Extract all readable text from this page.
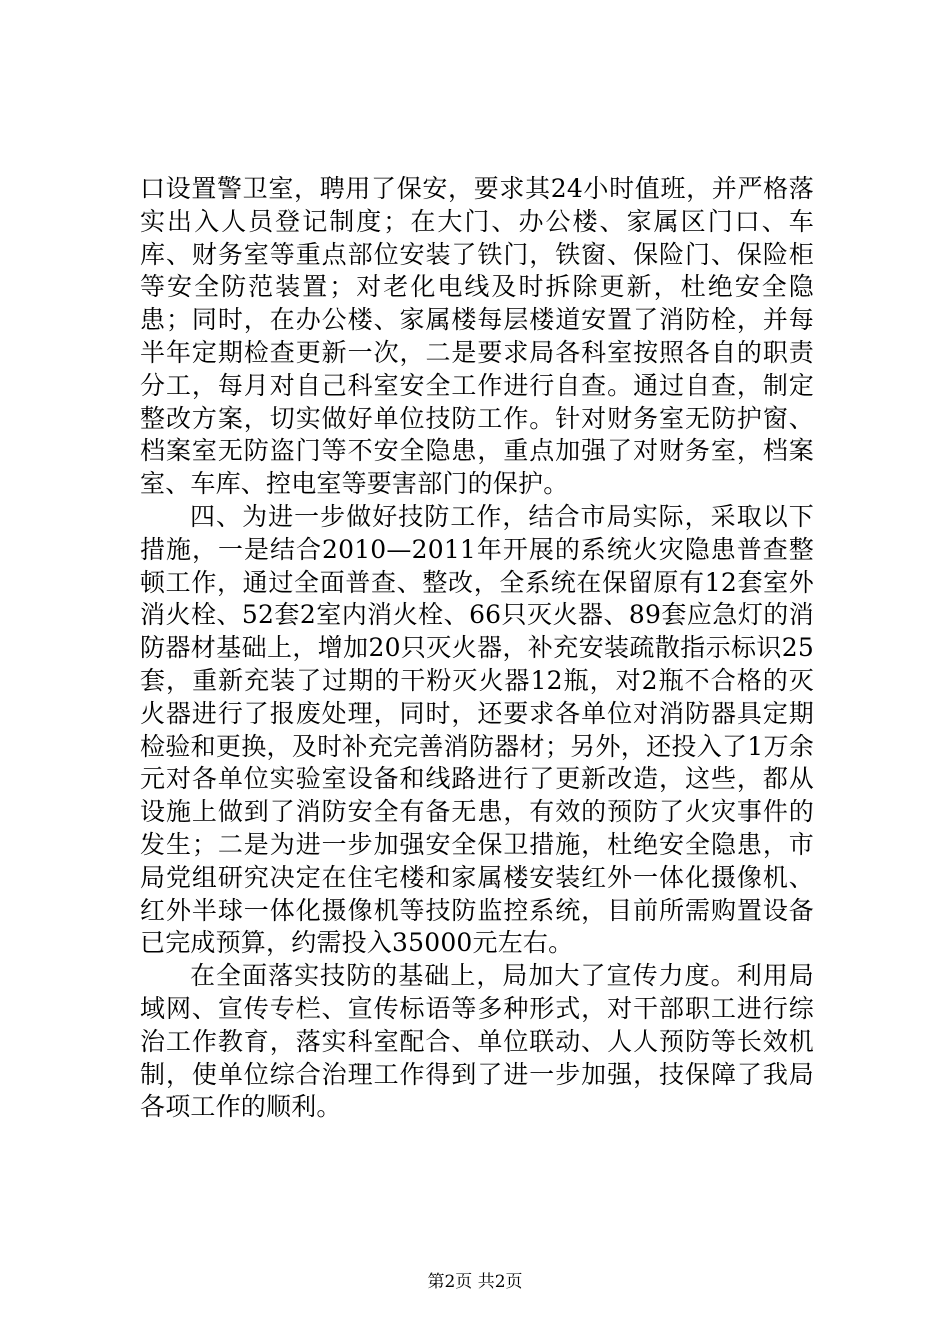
口设置警卫室，聘用了保安，要求其24小时值班，并严格落实出入人员登记制度；在大门、办公楼、家属区门口、车库、财务室等重点部位安装了铁门，铁窗、保险门、保险柜等安全防范装置；对老化电线及时拆除更新，杜绝安全隐患；同时，在办公楼、家属楼每层楼道安置了消防栓，并每半年定期检查更新一次，二是要求局各科室按照各自的职责分工，每月对自己科室安全工作进行自查。通过自查，制定整改方案，切实做好单位技防工作。针对财务室无防护窗、档案室无防盗门等不安全隐患，重点加强了对财务室，档案室、车库、控电室等要害部门的保护。

四、为进一步做好技防工作，结合市局实际，采取以下措施，一是结合2010—2011年开展的系统火灾隐患普查整顿工作，通过全面普查、整改，全系统在保留原有12套室外消火栓、52套2室内消火栓、66只灭火器、89套应急灯的消防器材基础上，增加20只灭火器，补充安装疏散指示标识25套，重新充装了过期的干粉灭火器12瓶，对2瓶不合格的灭火器进行了报废处理，同时，还要求各单位对消防器具定期检验和更换，及时补充完善消防器材；另外，还投入了1万余元对各单位实验室设备和线路进行了更新改造，这些，都从设施上做到了消防安全有备无患，有效的预防了火灾事件的发生；二是为进一步加强安全保卫措施，杜绝安全隐患，市局党组研究决定在住宅楼和家属楼安装红外一体化摄像机、红外半球一体化摄像机等技防监控系统，目前所需购置设备已完成预算，约需投入35000元左右。

在全面落实技防的基础上，局加大了宣传力度。利用局域网、宣传专栏、宣传标语等多种形式，对干部职工进行综治工作教育，落实科室配合、单位联动、人人预防等长效机制，使单位综合治理工作得到了进一步加强，技保障了我局各项工作的顺利。

第2页 共2页
